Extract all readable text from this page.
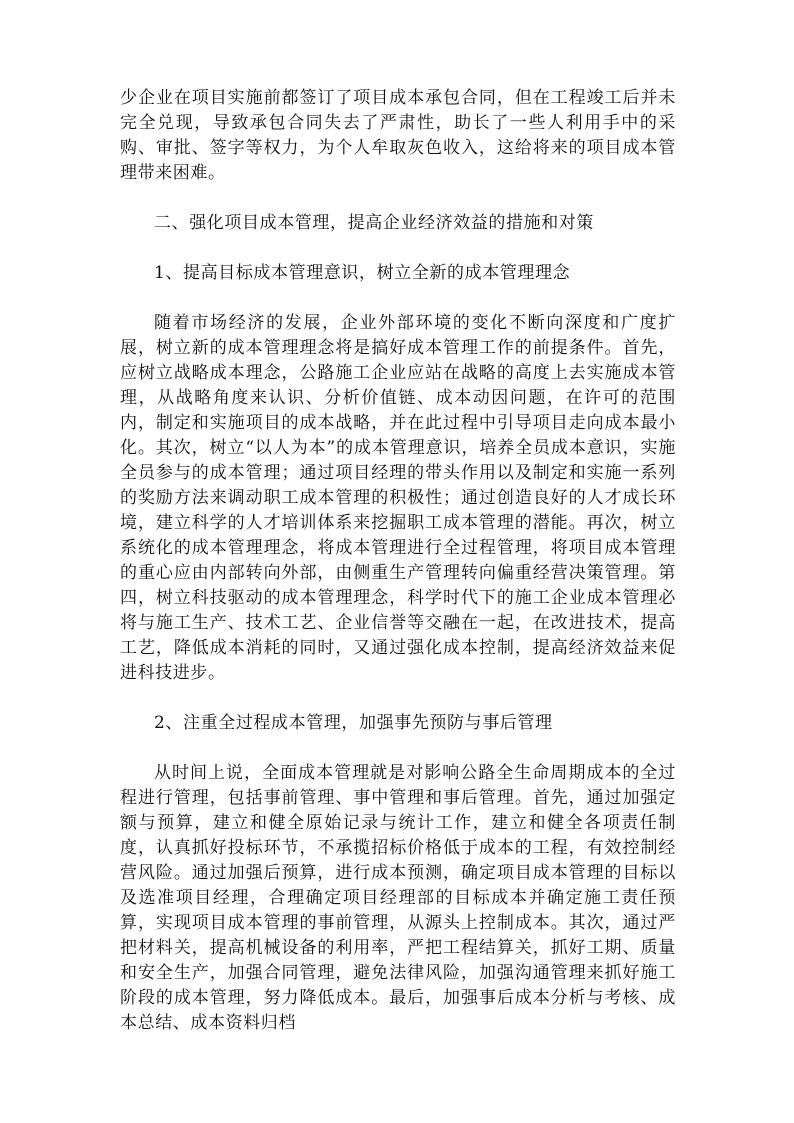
少企业在项目实施前都签订了项目成本承包合同，但在工程竣工后并未完全兑现，导致承包合同失去了严肃性，助长了一些人利用手中的采购、审批、签字等权力，为个人牟取灰色收入，这给将来的项目成本管理带来困难。

二、强化项目成本管理，提高企业经济效益的措施和对策

1、提高目标成本管理意识，树立全新的成本管理理念

随着市场经济的发展，企业外部环境的变化不断向深度和广度扩展，树立新的成本管理理念将是搞好成本管理工作的前提条件。首先，应树立战略成本理念，公路施工企业应站在战略的高度上去实施成本管理，从战略角度来认识、分析价值链、成本动因问题，在许可的范围内，制定和实施项目的成本战略，并在此过程中引导项目走向成本最小化。其次，树立“以人为本”的成本管理意识，培养全员成本意识，实施全员参与的成本管理；通过项目经理的带头作用以及制定和实施一系列的奖励方法来调动职工成本管理的积极性；通过创造良好的人才成长环境，建立科学的人才培训体系来挖掘职工成本管理的潜能。再次，树立系统化的成本管理理念，将成本管理进行全过程管理，将项目成本管理的重心应由内部转向外部，由侧重生产管理转向偏重经营决策管理。第四，树立科技驱动的成本管理理念，科学时代下的施工企业成本管理必将与施工生产、技术工艺、企业信誉等交融在一起，在改进技术，提高工艺，降低成本消耗的同时，又通过强化成本控制，提高经济效益来促进科技进步。

2、注重全过程成本管理，加强事先预防与事后管理

从时间上说，全面成本管理就是对影响公路全生命周期成本的全过程进行管理，包括事前管理、事中管理和事后管理。首先，通过加强定额与预算，建立和健全原始记录与统计工作，建立和健全各项责任制度，认真抓好投标环节，不承揽招标价格低于成本的工程，有效控制经营风险。通过加强后预算，进行成本预测，确定项目成本管理的目标以及选准项目经理，合理确定项目经理部的目标成本并确定施工责任预算，实现项目成本管理的事前管理，从源头上控制成本。其次，通过严把材料关，提高机械设备的利用率，严把工程结算关，抓好工期、质量和安全生产，加强合同管理，避免法律风险，加强沟通管理来抓好施工阶段的成本管理，努力降低成本。最后，加强事后成本分析与考核、成本总结、成本资料归档
